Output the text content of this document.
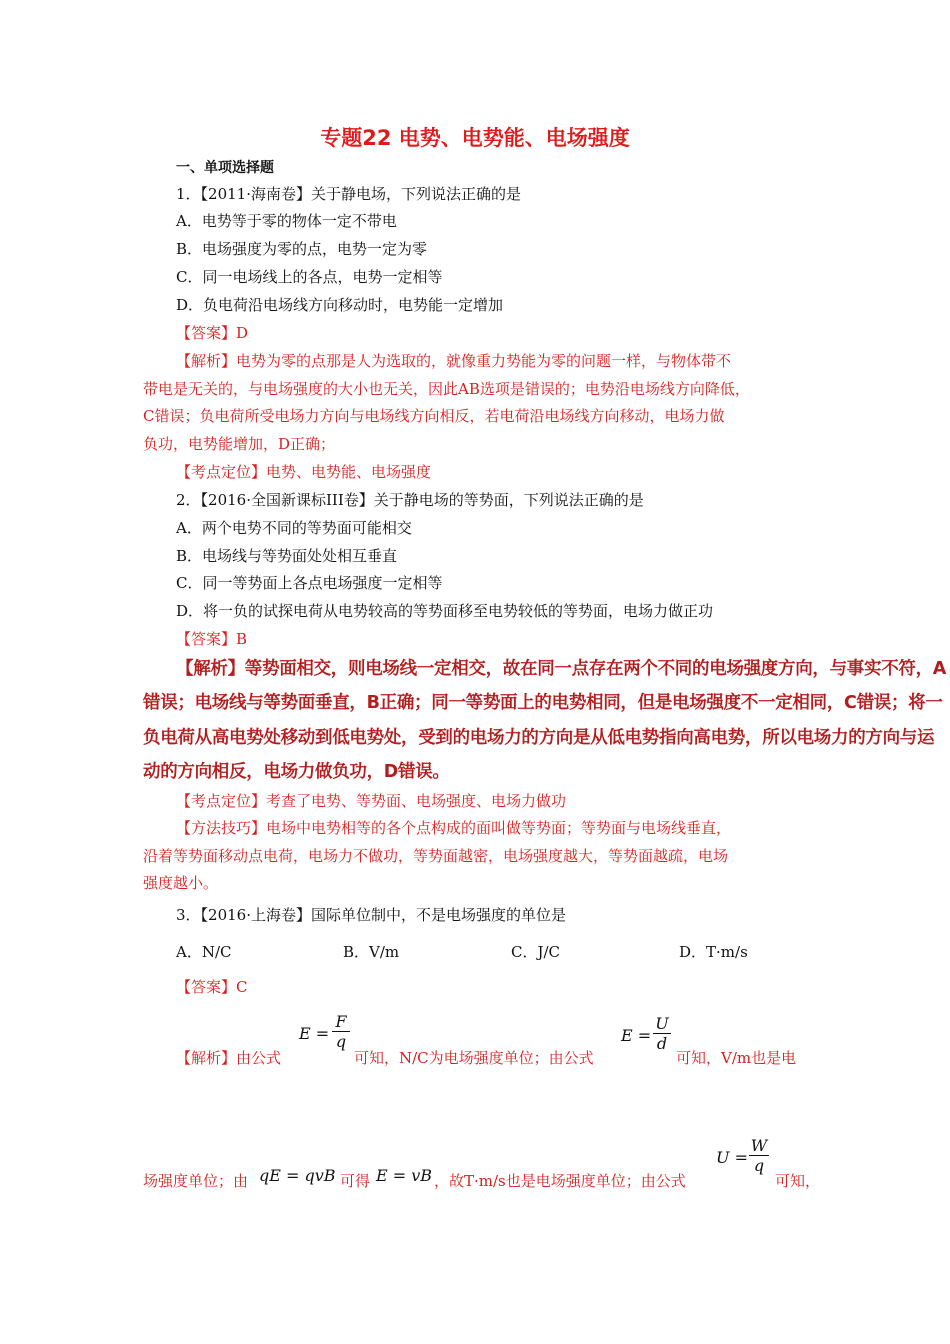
专题22 电势、电势能、电场强度
一、单项选择题
1．【2011·海南卷】关于静电场，下列说法正确的是
A．电势等于零的物体一定不带电
B．电场强度为零的点，电势一定为零
C．同一电场线上的各点，电势一定相等
D．负电荷沿电场线方向移动时，电势能一定增加
【答案】D
【解析】电势为零的点那是人为选取的，就像重力势能为零的问题一样，与物体带不
带电是无关的，与电场强度的大小也无关，因此AB选项是错误的；电势沿电场线方向降低，
C错误；负电荷所受电场力方向与电场线方向相反，若电荷沿电场线方向移动，电场力做
负功，电势能增加，D正确；
【考点定位】电势、电势能、电场强度
2．【2016·全国新课标III卷】关于静电场的等势面，下列说法正确的是
A．两个电势不同的等势面可能相交
B．电场线与等势面处处相互垂直
C．同一等势面上各点电场强度一定相等
D．将一负的试探电荷从电势较高的等势面移至电势较低的等势面，电场力做正功
【答案】B
【解析】等势面相交，则电场线一定相交，故在同一点存在两个不同的电场强度方向，与事实不符，A
错误；电场线与等势面垂直，B正确；同一等势面上的电势相同，但是电场强度不一定相同，C错误；将一
负电荷从高电势处移动到低电势处，受到的电场力的方向是从低电势指向高电势，所以电场力的方向与运
动的方向相反，电场力做负功，D错误。
【考点定位】考查了电势、等势面、电场强度、电场力做功
【方法技巧】电场中电势相等的各个点构成的面叫做等势面；等势面与电场线垂直，
沿着等势面移动点电荷，电场力不做功，等势面越密，电场强度越大，等势面越疏，电场
强度越小。
3．【2016·上海卷】国际单位制中，不是电场强度的单位是
A．N/C	B．V/m	C．J/C	D．T·m/s
【答案】C
【解析】由公式
E =
F
q
可知，N/C为电场强度单位；由公式
E =
U
d
可知，V/m也是电
场强度单位；由 qE = qvB 可得 E = vB ，故T·m/s也是电场强度单位；由公式
U =
W
q
可知，
